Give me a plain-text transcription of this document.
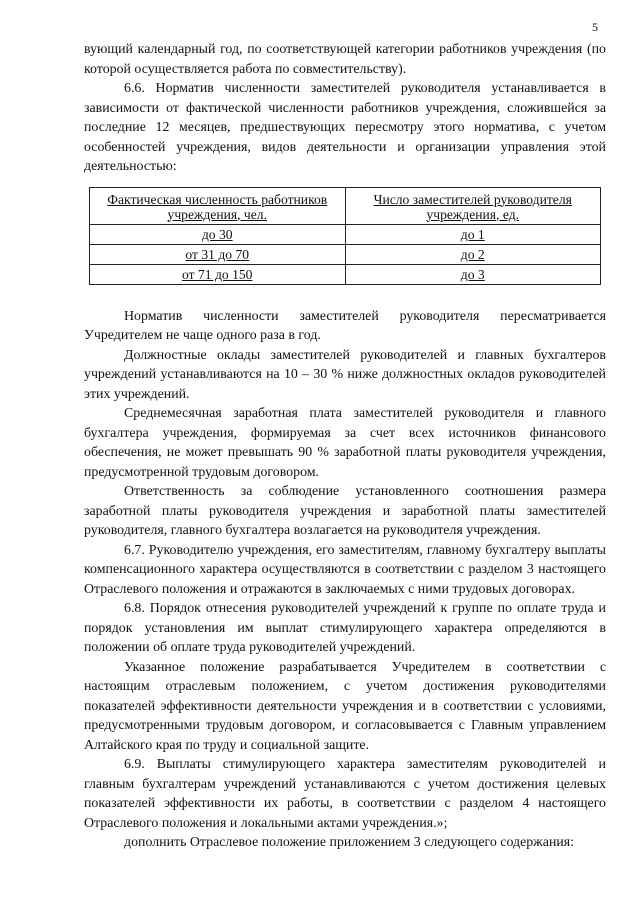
5

вующий календарный год, по соответствующей категории работников учреждения (по которой осуществляется работа по совместительству).

6.6. Норматив численности заместителей руководителя устанавливается в зависимости от фактической численности работников учреждения, сложившейся за последние 12 месяцев, предшествующих пересмотру этого норматива, с учетом особенностей учреждения, видов деятельности и организации управления этой деятельностью:

Фактическая численность работников учреждения, чел.	Число заместителей руководителя учреждения, ед.
до 30	до 1
от 31 до 70	до 2
от 71 до 150	до 3

Норматив численности заместителей руководителя пересматривается Учредителем не чаще одного раза в год.

Должностные оклады заместителей руководителей и главных бухгалтеров учреждений устанавливаются на 10 – 30 % ниже должностных окладов руководителей этих учреждений.

Среднемесячная заработная плата заместителей руководителя и главного бухгалтера учреждения, формируемая за счет всех источников финансового обеспечения, не может превышать 90 % заработной платы руководителя учреждения, предусмотренной трудовым договором.

Ответственность за соблюдение установленного соотношения размера заработной платы руководителя учреждения и заработной платы заместителей руководителя, главного бухгалтера возлагается на руководителя учреждения.

6.7. Руководителю учреждения, его заместителям, главному бухгалтеру выплаты компенсационного характера осуществляются в соответствии с разделом 3 настоящего Отраслевого положения и отражаются в заключаемых с ними трудовых договорах.

6.8. Порядок отнесения руководителей учреждений к группе по оплате труда и порядок установления им выплат стимулирующего характера определяются в положении об оплате труда руководителей учреждений.

Указанное положение разрабатывается Учредителем в соответствии с настоящим отраслевым положением, с учетом достижения руководителями показателей эффективности деятельности учреждения и в соответствии с условиями, предусмотренными трудовым договором, и согласовывается с Главным управлением Алтайского края по труду и социальной защите.

6.9. Выплаты стимулирующего характера заместителям руководителей и главным бухгалтерам учреждений устанавливаются с учетом достижения целевых показателей эффективности их работы, в соответствии с разделом 4 настоящего Отраслевого положения и локальными актами учреждения.»;

дополнить Отраслевое положение приложением 3 следующего содержания:
